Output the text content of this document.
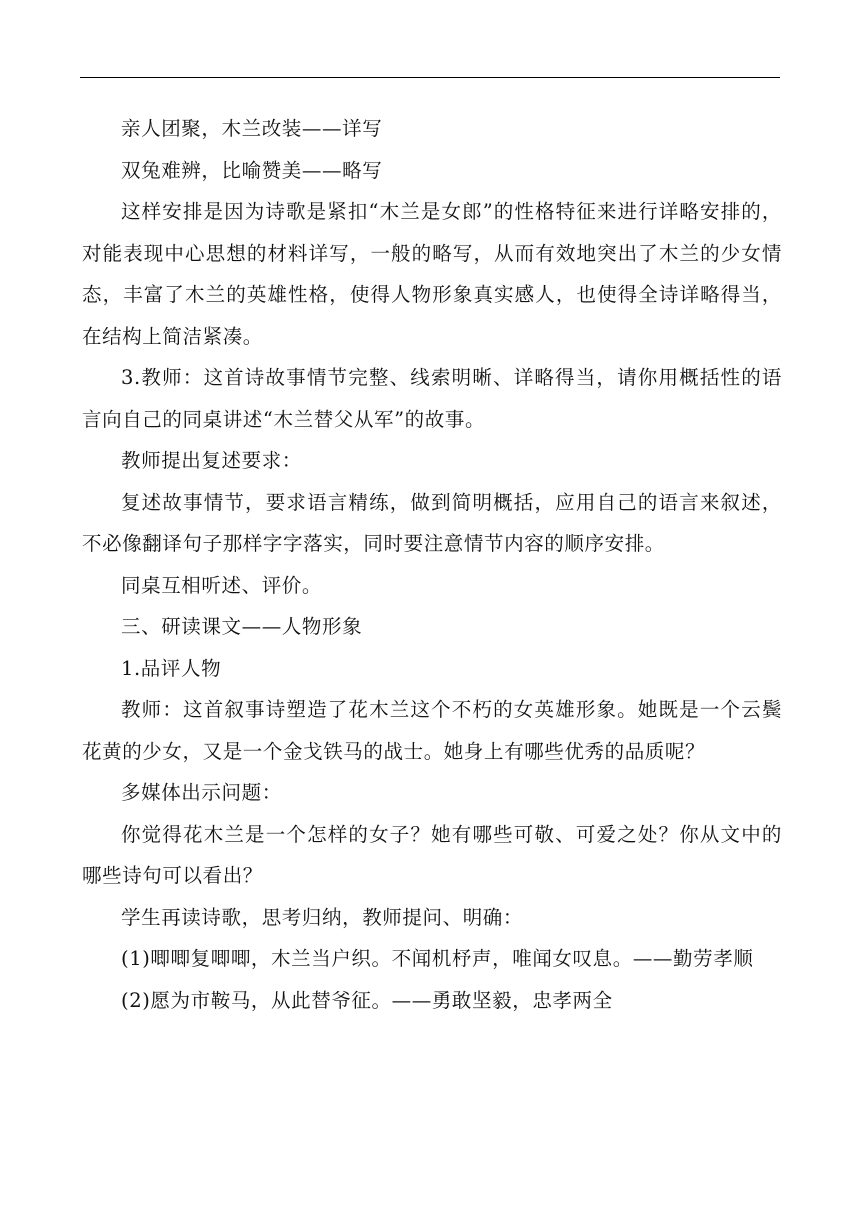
亲人团聚，木兰改装——详写

双兔难辨，比喻赞美——略写

这样安排是因为诗歌是紧扣“木兰是女郎”的性格特征来进行详略安排的，对能表现中心思想的材料详写，一般的略写，从而有效地突出了木兰的少女情态，丰富了木兰的英雄性格，使得人物形象真实感人，也使得全诗详略得当，在结构上简洁紧凑。

3.教师：这首诗故事情节完整、线索明晰、详略得当，请你用概括性的语言向自己的同桌讲述“木兰替父从军”的故事。

教师提出复述要求：

复述故事情节，要求语言精练，做到简明概括，应用自己的语言来叙述，不必像翻译句子那样字字落实，同时要注意情节内容的顺序安排。

同桌互相听述、评价。

三、研读课文——人物形象

1.品评人物

教师：这首叙事诗塑造了花木兰这个不朽的女英雄形象。她既是一个云鬓花黄的少女，又是一个金戈铁马的战士。她身上有哪些优秀的品质呢？

多媒体出示问题：

你觉得花木兰是一个怎样的女子？她有哪些可敬、可爱之处？你从文中的哪些诗句可以看出？

学生再读诗歌，思考归纳，教师提问、明确：

(1)唧唧复唧唧，木兰当户织。不闻机杼声，唯闻女叹息。——勤劳孝顺

(2)愿为市鞍马，从此替爷征。——勇敢坚毅，忠孝两全
